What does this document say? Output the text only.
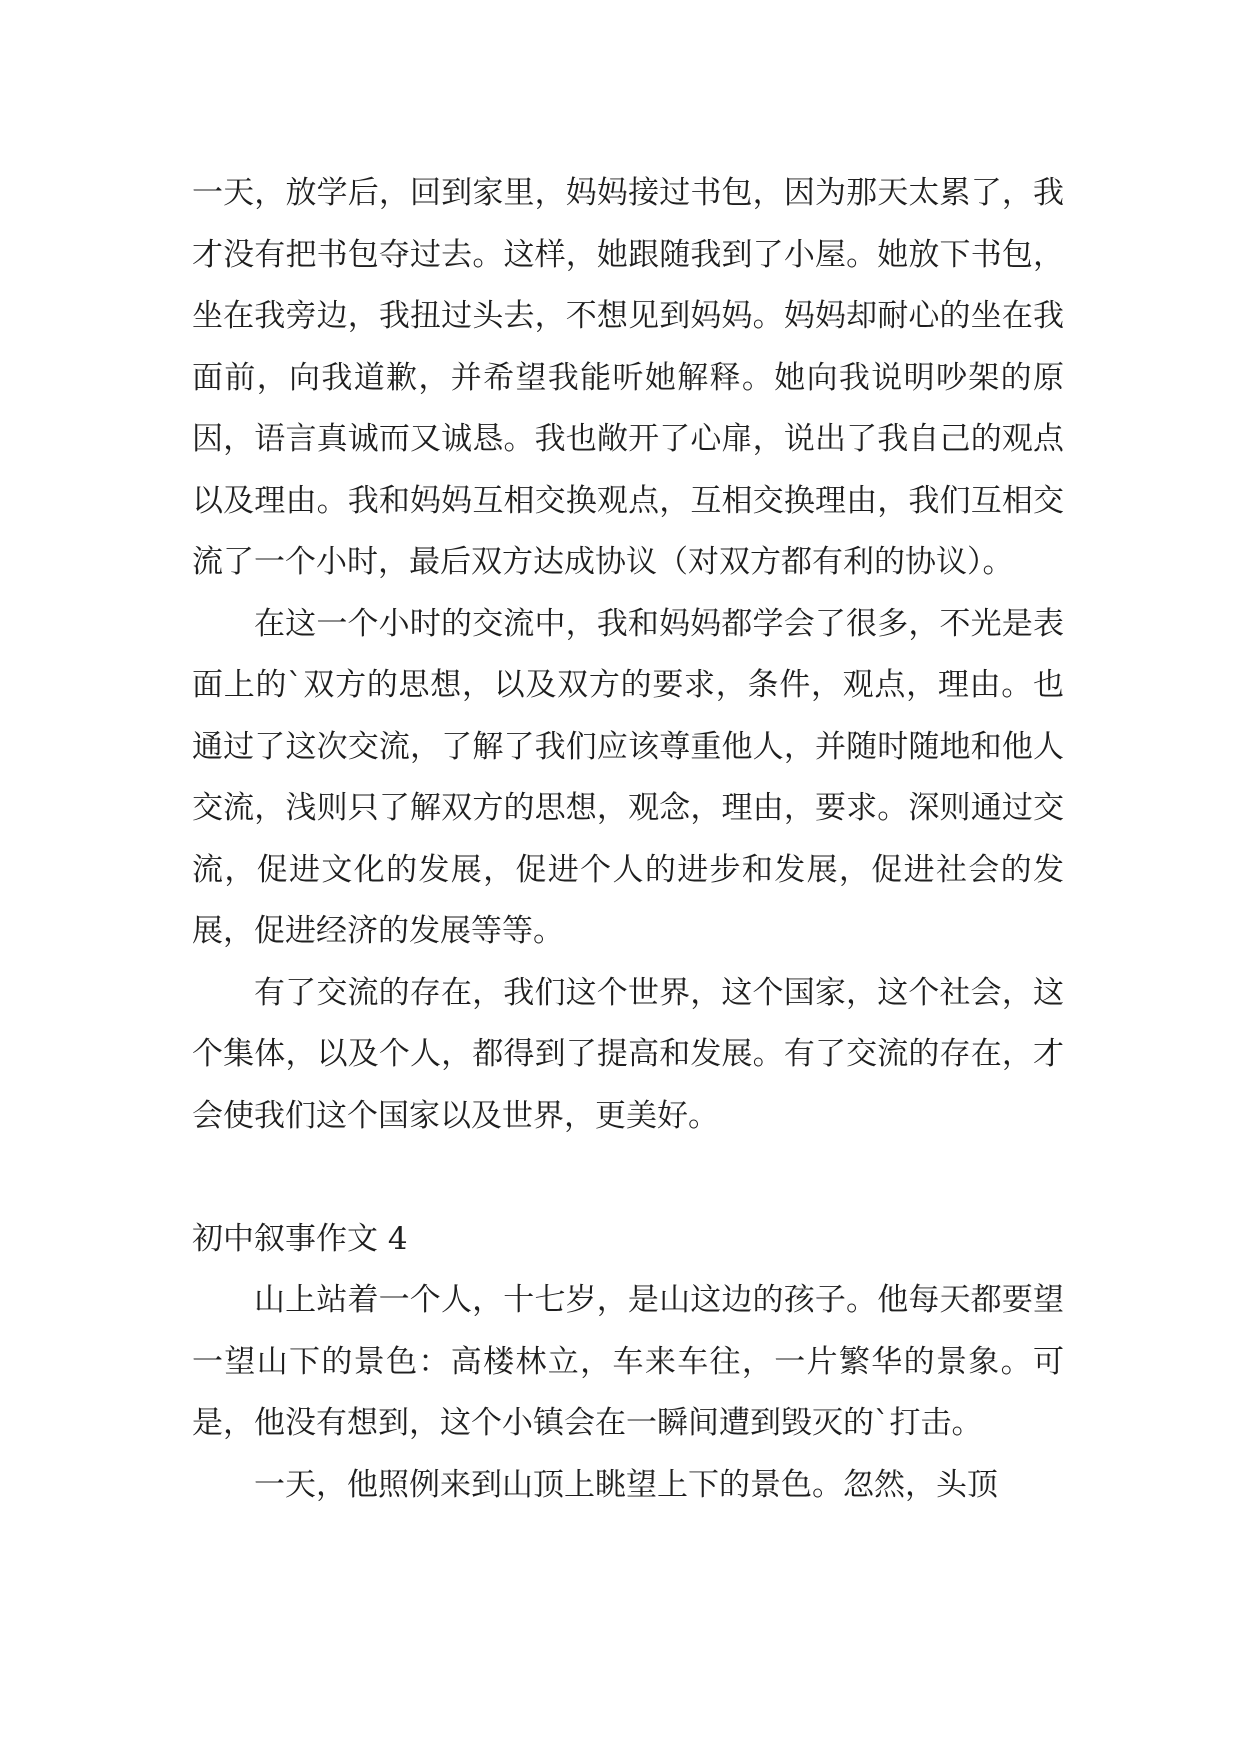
一天，放学后，回到家里，妈妈接过书包，因为那天太累了，我才没有把书包夺过去。这样，她跟随我到了小屋。她放下书包，坐在我旁边，我扭过头去，不想见到妈妈。妈妈却耐心的坐在我面前，向我道歉，并希望我能听她解释。她向我说明吵架的原因，语言真诚而又诚恳。我也敞开了心扉，说出了我自己的观点以及理由。我和妈妈互相交换观点，互相交换理由，我们互相交流了一个小时，最后双方达成协议（对双方都有利的协议）。

在这一个小时的交流中，我和妈妈都学会了很多，不光是表面上的`双方的思想，以及双方的要求，条件，观点，理由。也通过了这次交流，了解了我们应该尊重他人，并随时随地和他人交流，浅则只了解双方的思想，观念，理由，要求。深则通过交流，促进文化的发展，促进个人的进步和发展，促进社会的发展，促进经济的发展等等。

有了交流的存在，我们这个世界，这个国家，这个社会，这个集体，以及个人，都得到了提高和发展。有了交流的存在，才会使我们这个国家以及世界，更美好。

初中叙事作文 4

山上站着一个人，十七岁，是山这边的孩子。他每天都要望一望山下的景色：高楼林立，车来车往，一片繁华的景象。可是，他没有想到，这个小镇会在一瞬间遭到毁灭的`打击。

一天，他照例来到山顶上眺望上下的景色。忽然，头顶
